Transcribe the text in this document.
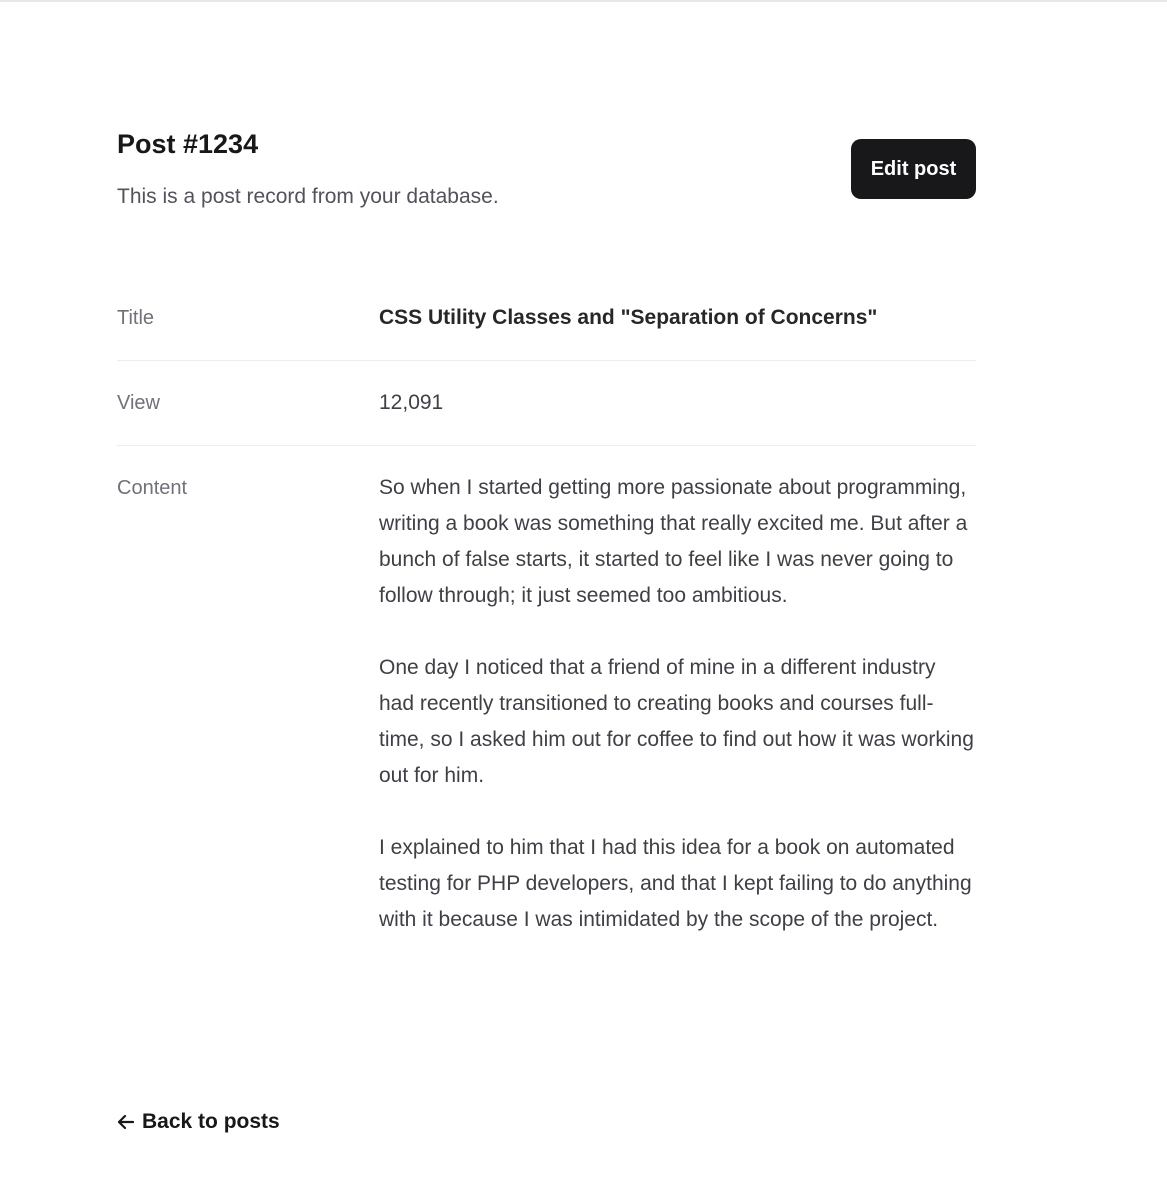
Post #1234

This is a post record from your database.

Edit post
Title	CSS Utility Classes and "Separation of Concerns"
View	12,091
Content	So when I started getting more passionate about programming, writing a book was something that really excited me. But after a bunch of false starts, it started to feel like I was never going to follow through; it just seemed too ambitious.

One day I noticed that a friend of mine in a different industry had recently transitioned to creating books and courses full-time, so I asked him out for coffee to find out how it was working out for him.

I explained to him that I had this idea for a book on automated testing for PHP developers, and that I kept failing to do anything with it because I was intimidated by the scope of the project.

Back to posts
